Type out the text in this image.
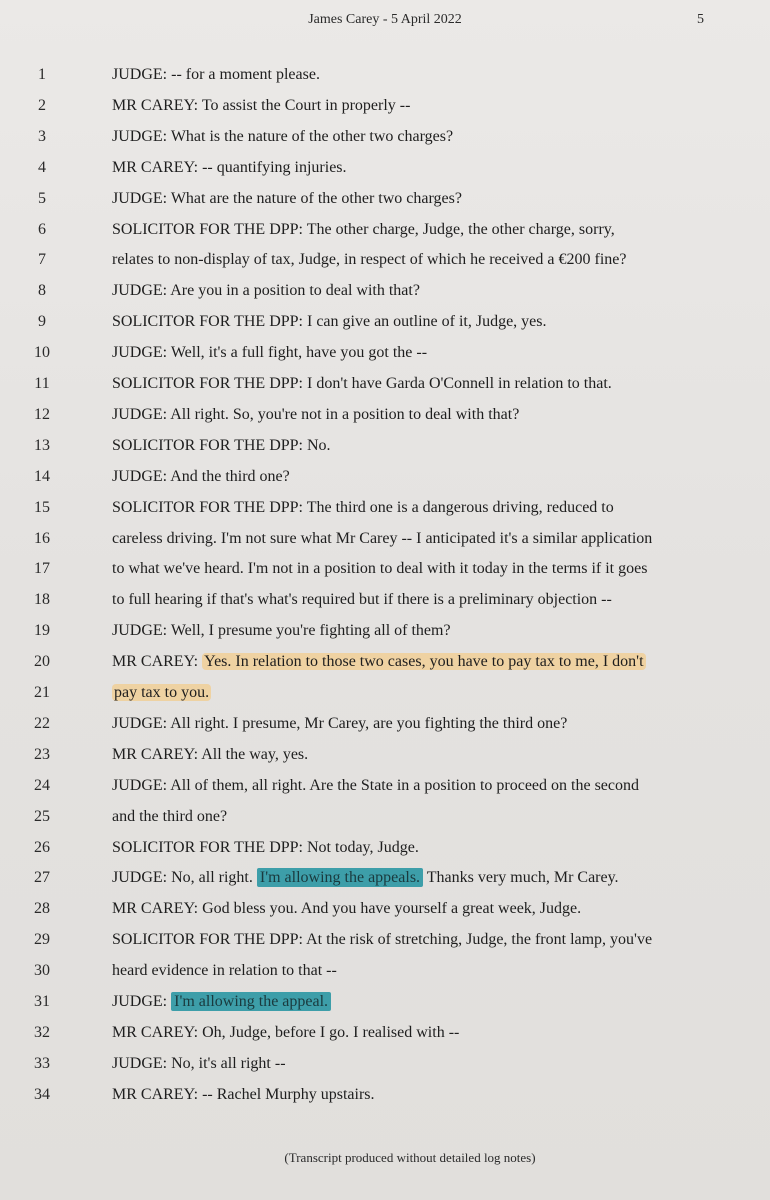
James Carey - 5 April 2022	5
1	JUDGE: -- for a moment please.
2	MR CAREY: To assist the Court in properly --
3	JUDGE: What is the nature of the other two charges?
4	MR CAREY: -- quantifying injuries.
5	JUDGE: What are the nature of the other two charges?
6	SOLICITOR FOR THE DPP: The other charge, Judge, the other charge, sorry,
7	relates to non-display of tax, Judge, in respect of which he received a €200 fine?
8	JUDGE: Are you in a position to deal with that?
9	SOLICITOR FOR THE DPP: I can give an outline of it, Judge, yes.
10	JUDGE: Well, it's a full fight, have you got the --
11	SOLICITOR FOR THE DPP: I don't have Garda O'Connell in relation to that.
12	JUDGE: All right. So, you're not in a position to deal with that?
13	SOLICITOR FOR THE DPP: No.
14	JUDGE: And the third one?
15	SOLICITOR FOR THE DPP: The third one is a dangerous driving, reduced to
16	careless driving. I'm not sure what Mr Carey -- I anticipated it's a similar application
17	to what we've heard. I'm not in a position to deal with it today in the terms if it goes
18	to full hearing if that's what's required but if there is a preliminary objection --
19	JUDGE: Well, I presume you're fighting all of them?
20	MR CAREY: Yes. In relation to those two cases, you have to pay tax to me, I don't
21	pay tax to you.
22	JUDGE: All right. I presume, Mr Carey, are you fighting the third one?
23	MR CAREY: All the way, yes.
24	JUDGE: All of them, all right. Are the State in a position to proceed on the second
25	and the third one?
26	SOLICITOR FOR THE DPP: Not today, Judge.
27	JUDGE: No, all right. I'm allowing the appeals. Thanks very much, Mr Carey.
28	MR CAREY: God bless you. And you have yourself a great week, Judge.
29	SOLICITOR FOR THE DPP: At the risk of stretching, Judge, the front lamp, you've
30	heard evidence in relation to that --
31	JUDGE: I'm allowing the appeal.
32	MR CAREY: Oh, Judge, before I go. I realised with --
33	JUDGE: No, it's all right --
34	MR CAREY: -- Rachel Murphy upstairs.
(Transcript produced without detailed log notes)
